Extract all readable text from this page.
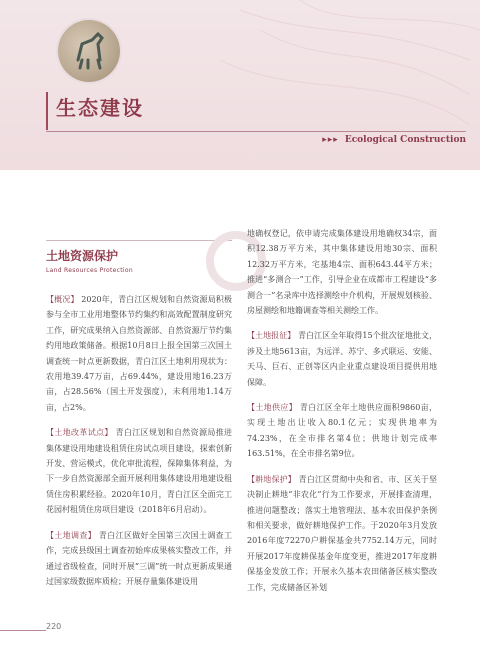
生态建设
▸▸▸ Ecological Construction
土地资源保护
Land Resources Protection

【概况】 2020年，青白江区规划和自然资源局积极参与全市工业用地整体节约集约和高效配置制度研究工作，研究成果纳入自然资源部、自然资源厅节约集约用地政策储备。根据10月8日上报全国第三次国土调查统一时点更新数据，青白江区土地利用现状为：农用地39.47万亩，占69.44%，建设用地16.23万亩，占28.56%（国土开发强度），未利用地1.14万亩，占2%。

【土地改革试点】 青白江区规划和自然资源局推进集体建设用地建设租赁住房试点项目建设，探索创新开发、营运模式，优化审批流程，保障集体利益，为下一步自然资源部全面开展利用集体建设用地建设租赁住房积累经验。2020年10月，青白江区全面完工花园村租赁住房项目建设（2018年6月启动）。

【土地调查】 青白江区做好全国第三次国土调查工作，完成县级国土调查初始库成果核实整改工作，并通过省级检查，同时开展“三调”统一时点更新成果通过国家级数据库质检；开展存量集体建设用

地确权登记，依申请完成集体建设用地确权34宗，面积12.38万平方米，其中集体建设用地30宗、面积12.32万平方米，宅基地4宗、面积643.44平方米；推进“多测合一”工作，引导企业在成都市工程建设“多测合一”名录库中选择测绘中介机构，开展规划核验、房屋测绘和地籍调查等相关测绘工作。

【土地报征】 青白江区全年取得15个批次征地批文，涉及土地5613亩，为远洋、苏宁、多式联运、安能、天马、巨石、正创等区内企业重点建设项目提供用地保障。

【土地供应】 青白江区全年土地供应面积9860亩，实现土地出让收入80.1亿元；实现供地率为74.23%，在全市排名第4位；供地计划完成率163.51%，在全市排名第9位。

【耕地保护】 青白江区贯彻中央和省、市、区关于坚决制止耕地“非农化”行为工作要求，开展排查清理，推进问题整改；落实土地管理法、基本农田保护条例和相关要求，做好耕地保护工作。于2020年3月发放2016年度72270户耕保基金共7752.14万元，同时开展2017年度耕保基金年度变更，推进2017年度耕保基金发放工作；开展永久基本农田储备区核实整改工作，完成储备区补划

220
